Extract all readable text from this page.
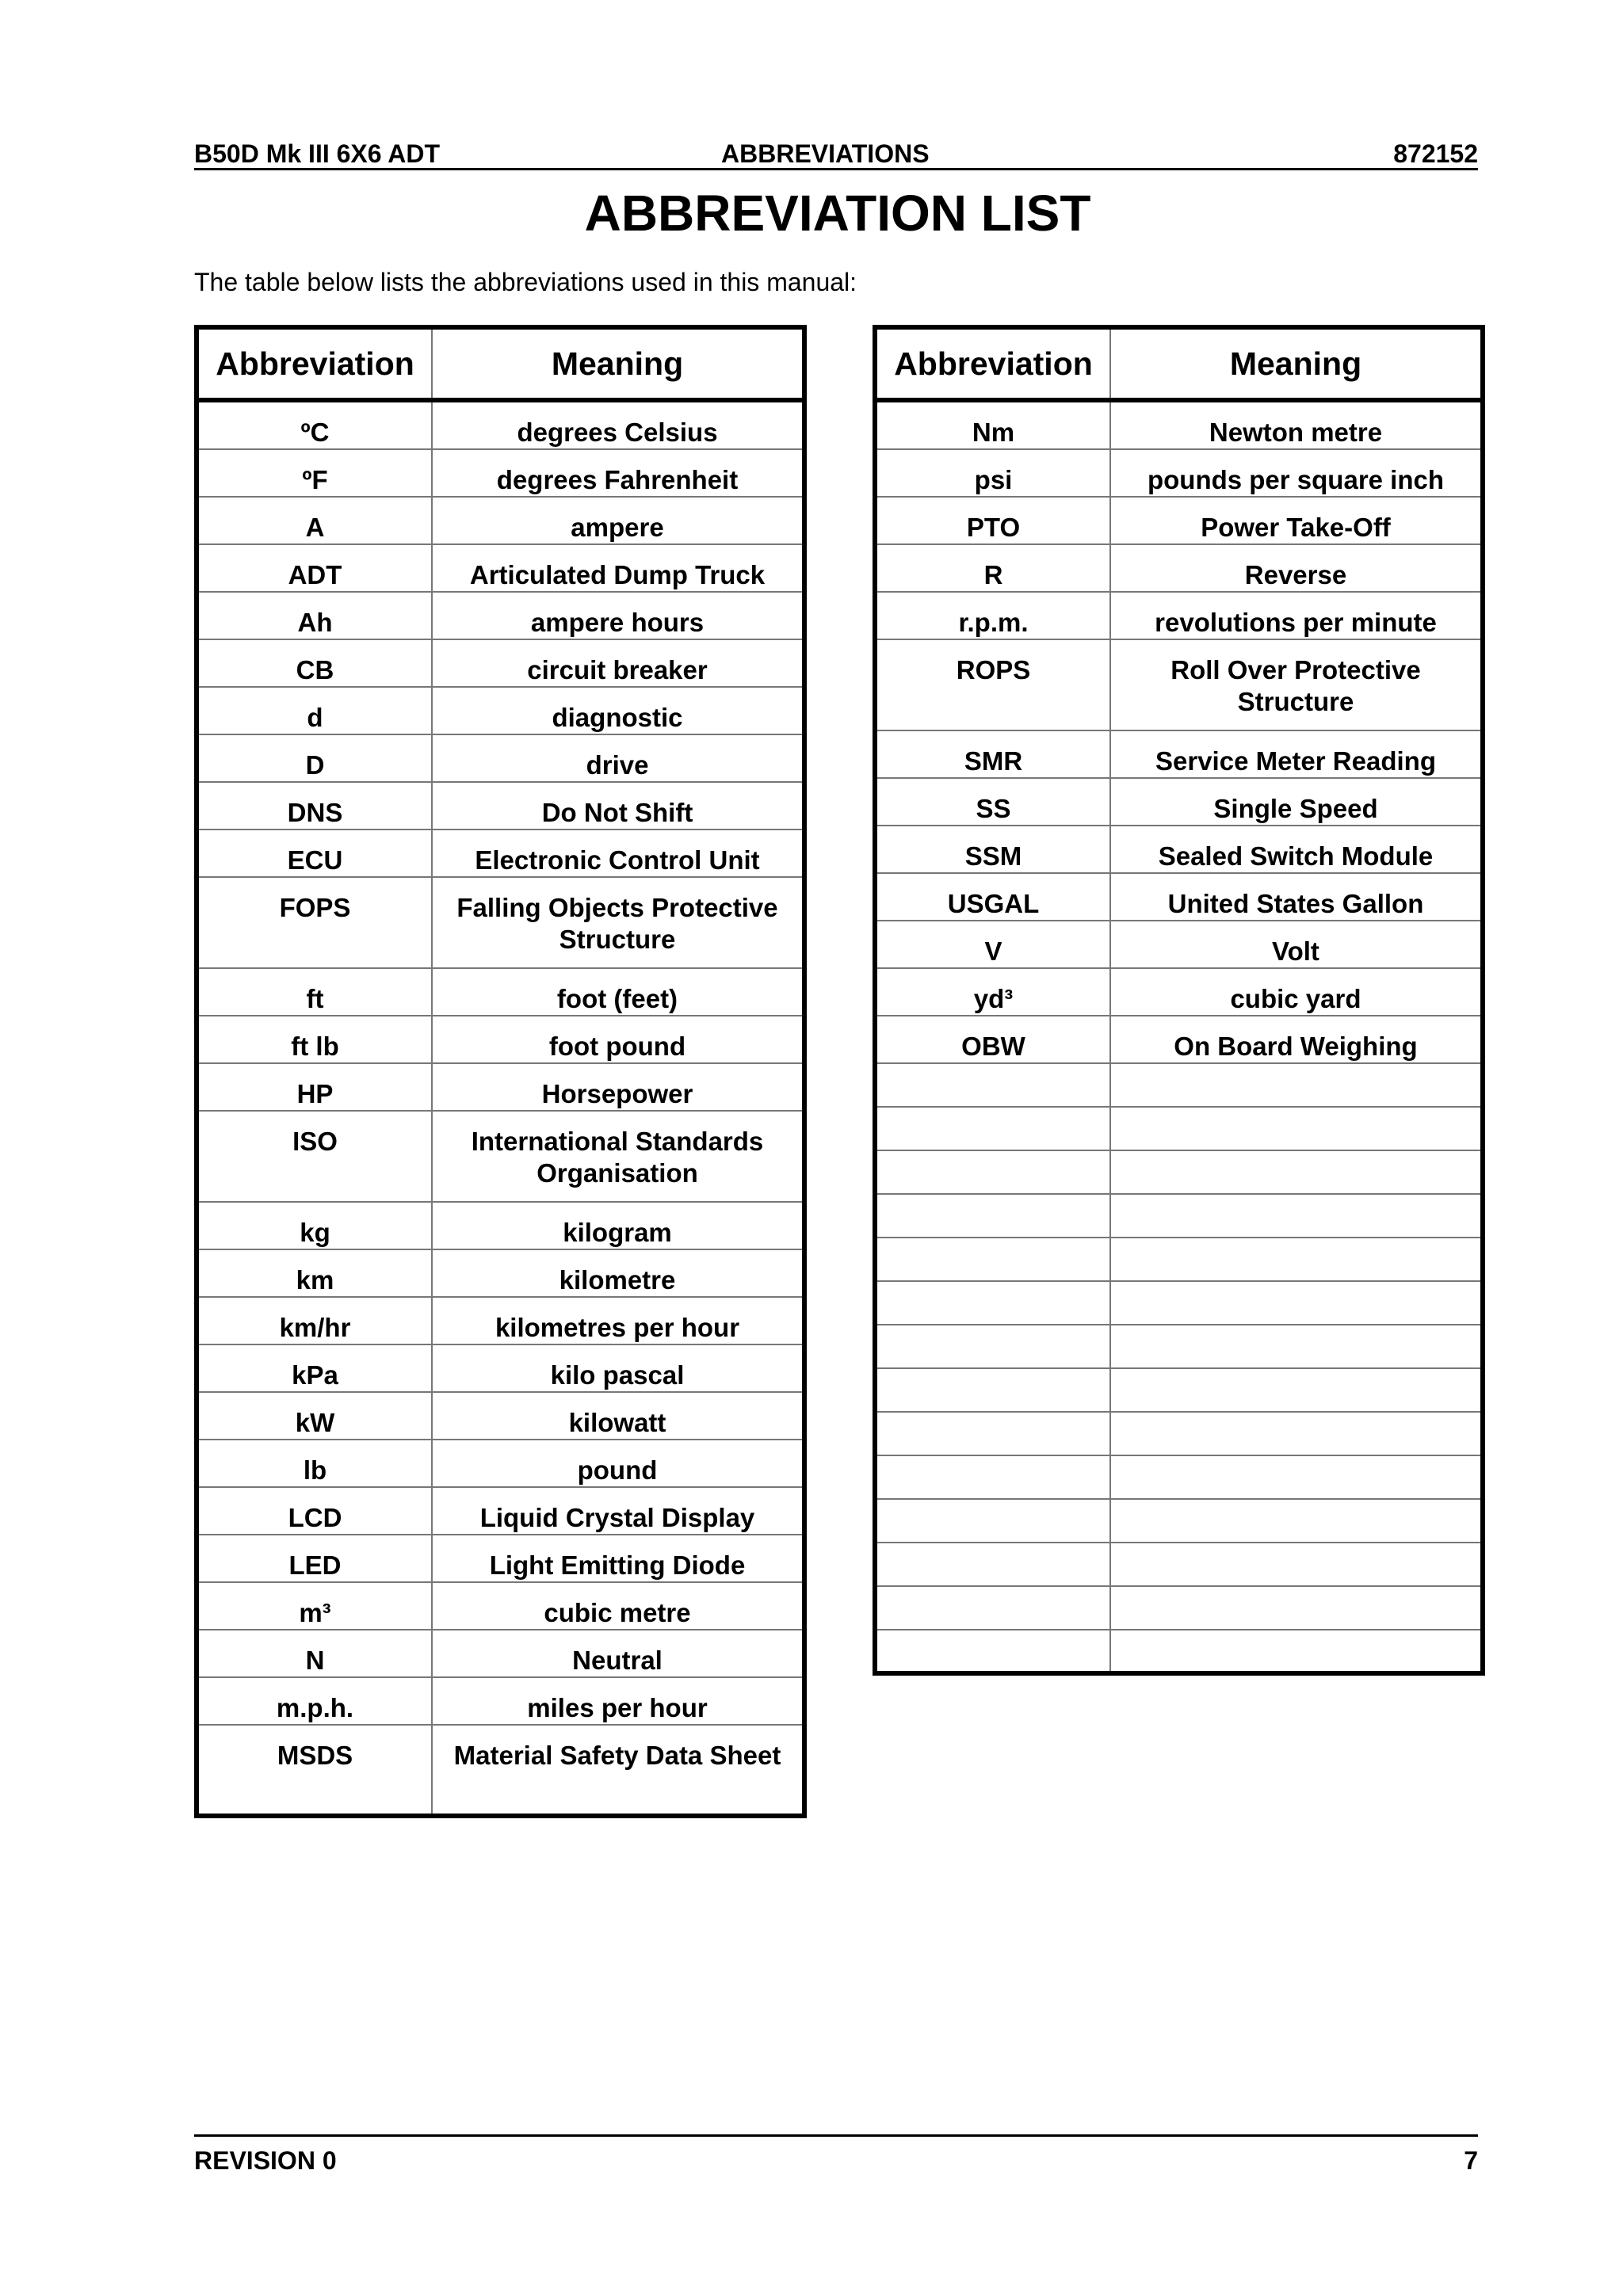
B50D Mk III 6X6 ADT	ABBREVIATIONS	872152
ABBREVIATION LIST

The table below lists the abbreviations used in this manual:

Abbreviation	Meaning
ºC	degrees Celsius
ºF	degrees Fahrenheit
A	ampere
ADT	Articulated Dump Truck
Ah	ampere hours
CB	circuit breaker
d	diagnostic
D	drive
DNS	Do Not Shift
ECU	Electronic Control Unit
FOPS	Falling Objects Protective Structure
ft	foot (feet)
ft lb	foot pound
HP	Horsepower
ISO	International Standards Organisation
kg	kilogram
km	kilometre
km/hr	kilometres per hour
kPa	kilo pascal
kW	kilowatt
lb	pound
LCD	Liquid Crystal Display
LED	Light Emitting Diode
m³	cubic metre
N	Neutral
m.p.h.	miles per hour
MSDS	Material Safety Data Sheet
Abbreviation	Meaning
Nm	Newton metre
psi	pounds per square inch
PTO	Power Take-Off
R	Reverse
r.p.m.	revolutions per minute
ROPS	Roll Over Protective Structure
SMR	Service Meter Reading
SS	Single Speed
SSM	Sealed Switch Module
USGAL	United States Gallon
V	Volt
yd³	cubic yard
OBW	On Board Weighing

REVISION 0	7
